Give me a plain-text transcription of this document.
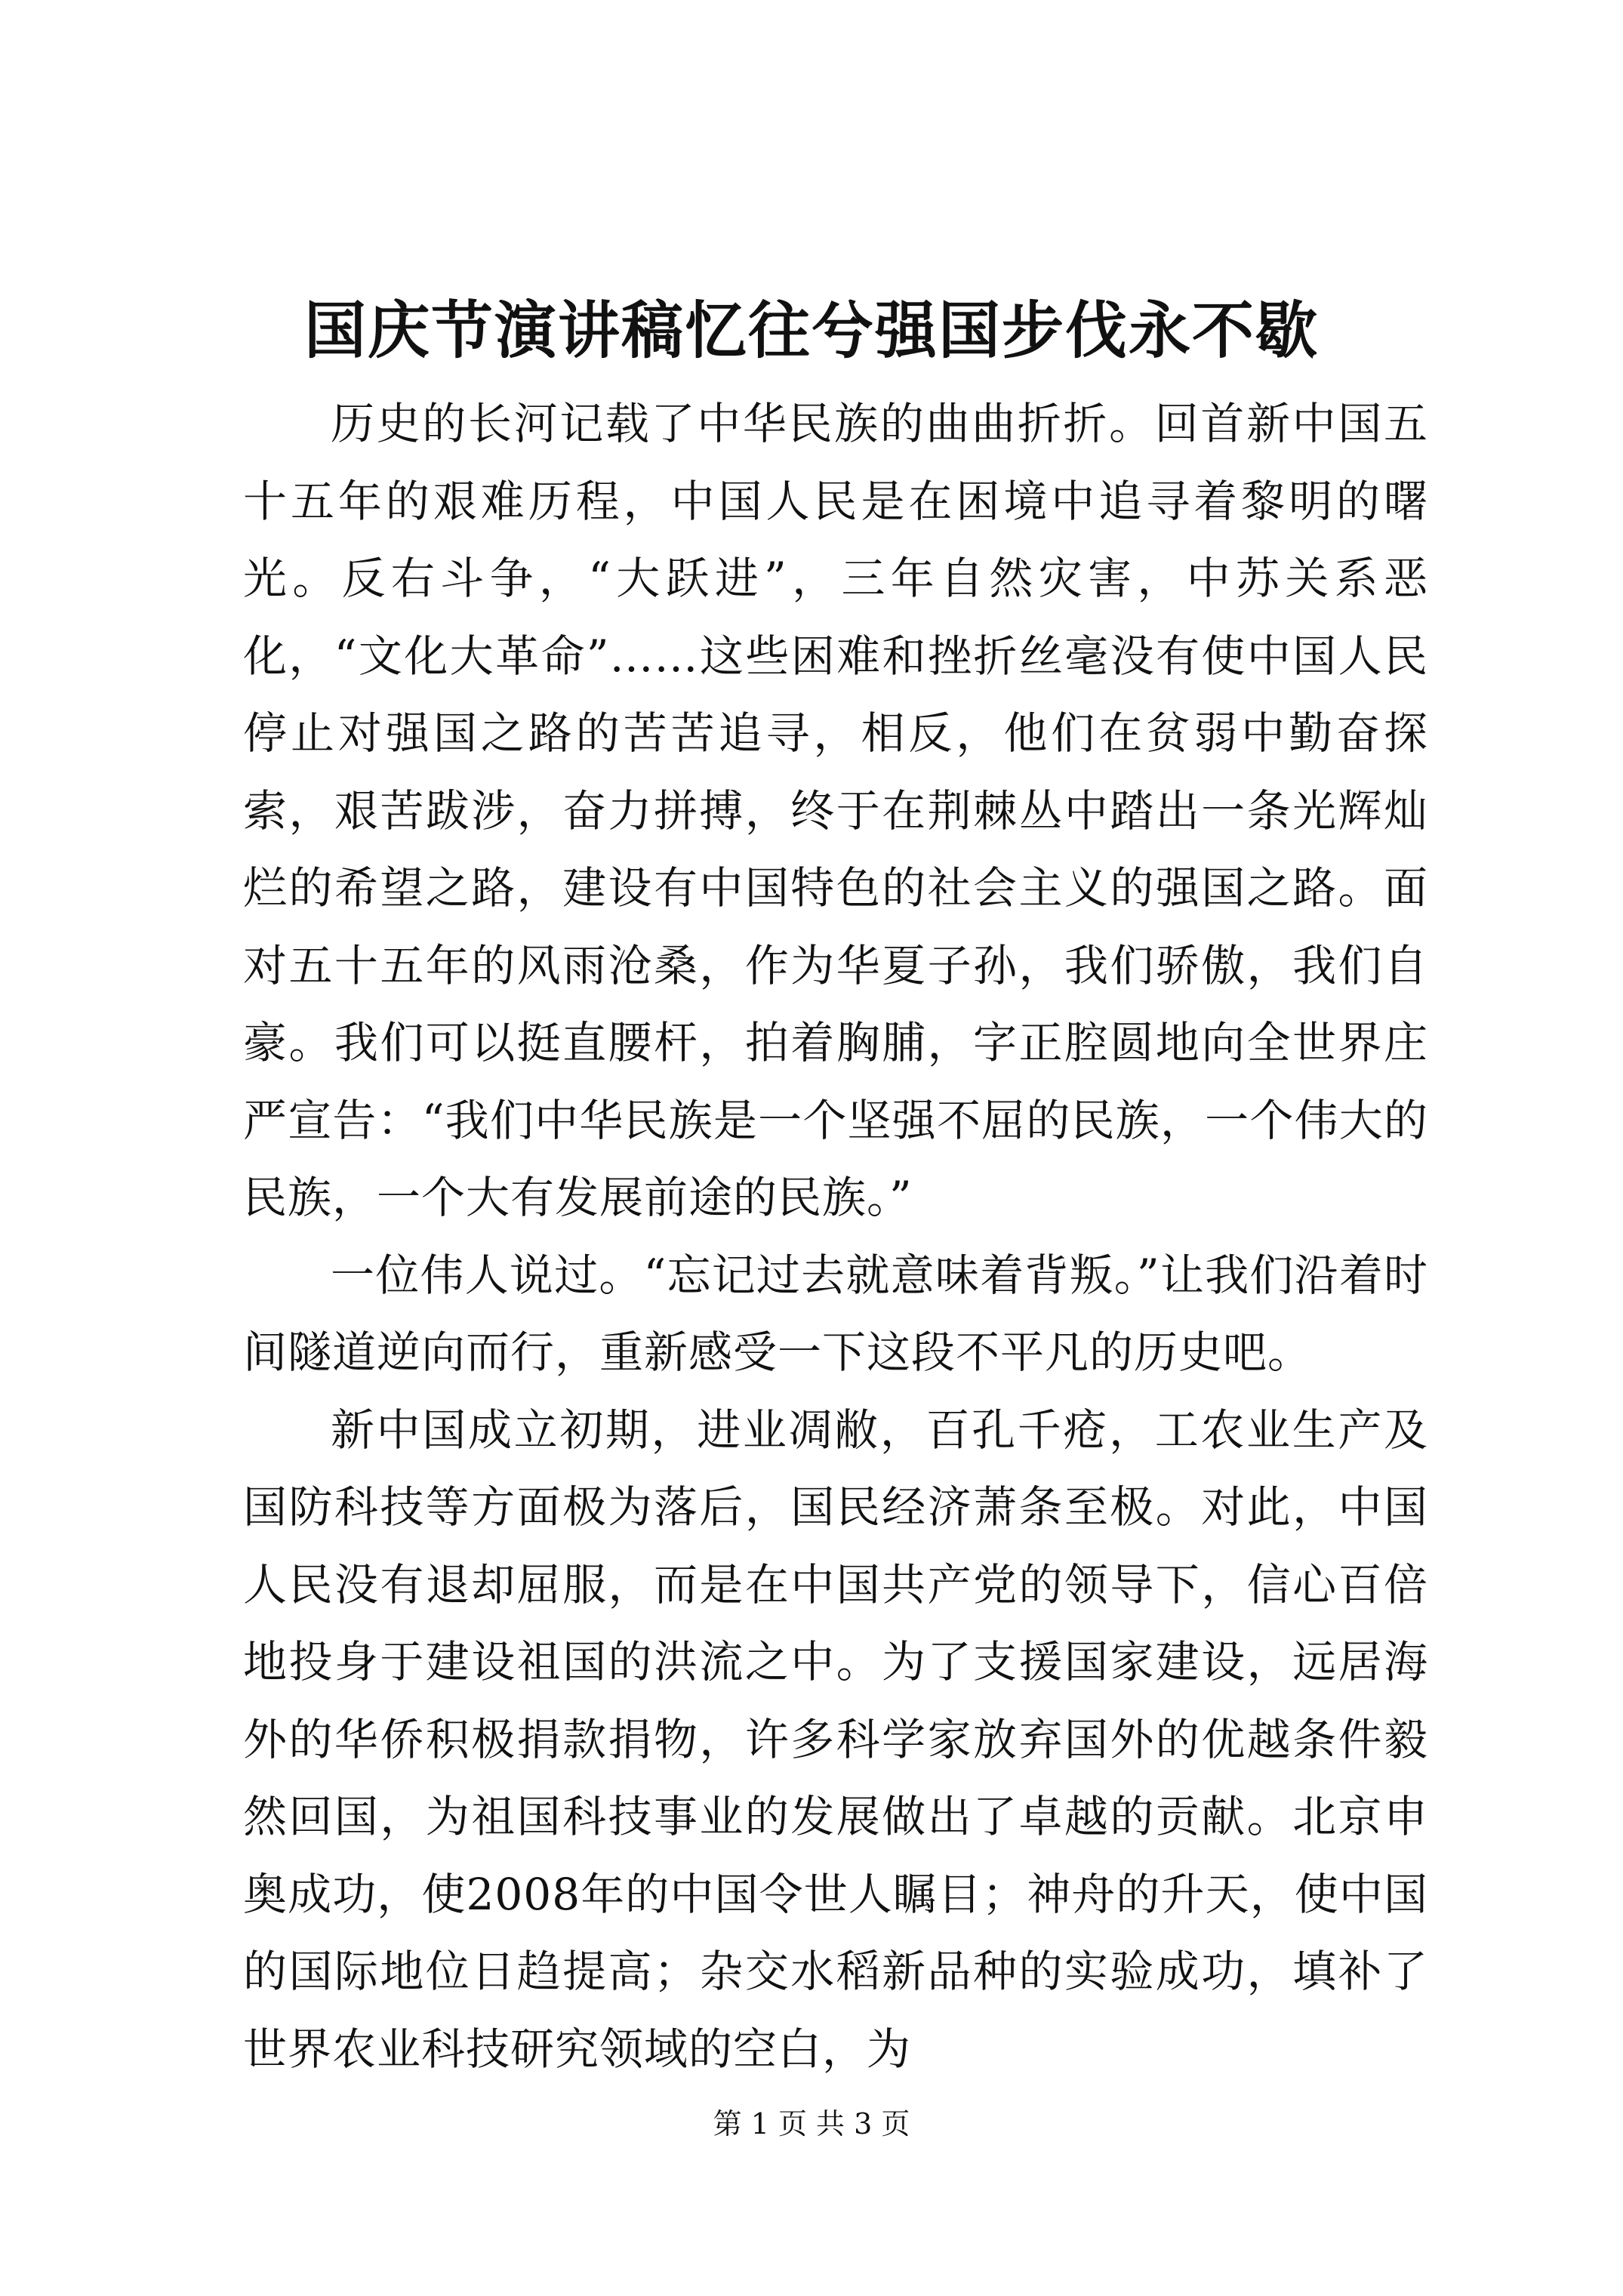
国庆节演讲稿忆往兮强国步伐永不歇

历史的长河记载了中华民族的曲曲折折。回首新中国五十五年的艰难历程，中国人民是在困境中追寻着黎明的曙光。反右斗争，“大跃进”，三年自然灾害，中苏关系恶化，“文化大革命”……这些困难和挫折丝毫没有使中国人民停止对强国之路的苦苦追寻，相反，他们在贫弱中勤奋探索，艰苦跋涉，奋力拼搏，终于在荆棘丛中踏出一条光辉灿烂的希望之路，建设有中国特色的社会主义的强国之路。面对五十五年的风雨沧桑，作为华夏子孙，我们骄傲，我们自豪。我们可以挺直腰杆，拍着胸脯，字正腔圆地向全世界庄严宣告：“我们中华民族是一个坚强不屈的民族，一个伟大的民族，一个大有发展前途的民族。”

一位伟人说过。“忘记过去就意味着背叛。”让我们沿着时间隧道逆向而行，重新感受一下这段不平凡的历史吧。

新中国成立初期，进业凋敝，百孔千疮，工农业生产及国防科技等方面极为落后，国民经济萧条至极。对此，中国人民没有退却屈服，而是在中国共产党的领导下，信心百倍地投身于建设祖国的洪流之中。为了支援国家建设，远居海外的华侨积极捐款捐物，许多科学家放弃国外的优越条件毅然回国，为祖国科技事业的发展做出了卓越的贡献。北京申奥成功，使2008年的中国令世人瞩目；神舟的升天，使中国的国际地位日趋提高；杂交水稻新品种的实验成功，填补了世界农业科技研究领域的空白，为

第 1 页 共 3 页
